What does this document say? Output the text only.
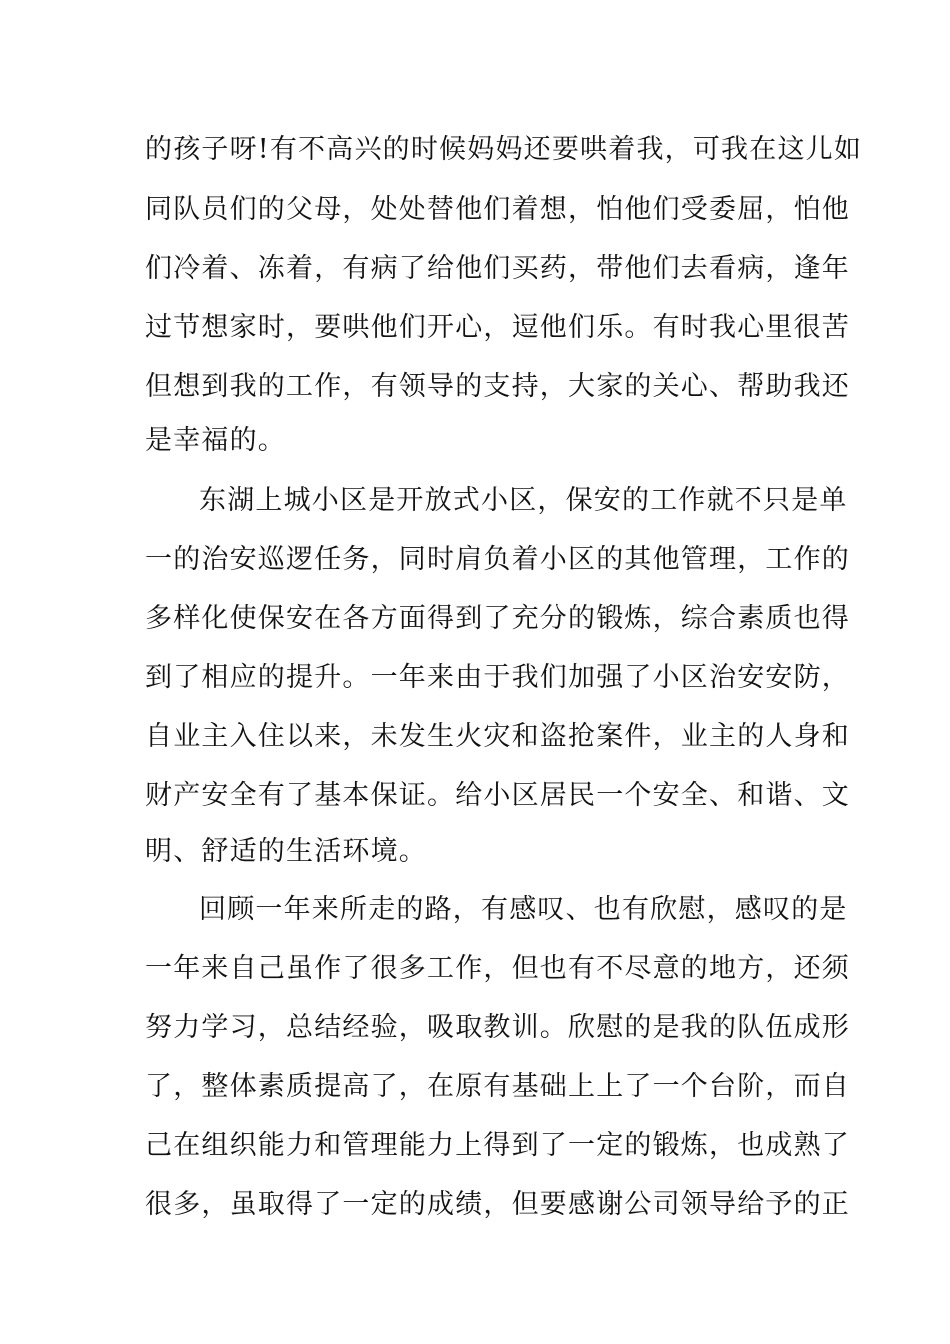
的孩子呀!有不高兴的时候妈妈还要哄着我，可我在这儿如
同队员们的父母，处处替他们着想，怕他们受委屈，怕他
们冷着、冻着，有病了给他们买药，带他们去看病，逢年
过节想家时，要哄他们开心，逗他们乐。有时我心里很苦
但想到我的工作，有领导的支持，大家的关心、帮助我还
是幸福的。
东湖上城小区是开放式小区，保安的工作就不只是单
一的治安巡逻任务，同时肩负着小区的其他管理，工作的
多样化使保安在各方面得到了充分的锻炼，综合素质也得
到了相应的提升。一年来由于我们加强了小区治安安防，
自业主入住以来，未发生火灾和盗抢案件，业主的人身和
财产安全有了基本保证。给小区居民一个安全、和谐、文
明、舒适的生活环境。
回顾一年来所走的路，有感叹、也有欣慰，感叹的是
一年来自己虽作了很多工作，但也有不尽意的地方，还须
努力学习，总结经验，吸取教训。欣慰的是我的队伍成形
了，整体素质提高了，在原有基础上上了一个台阶，而自
己在组织能力和管理能力上得到了一定的锻炼，也成熟了
很多，虽取得了一定的成绩，但要感谢公司领导给予的正
